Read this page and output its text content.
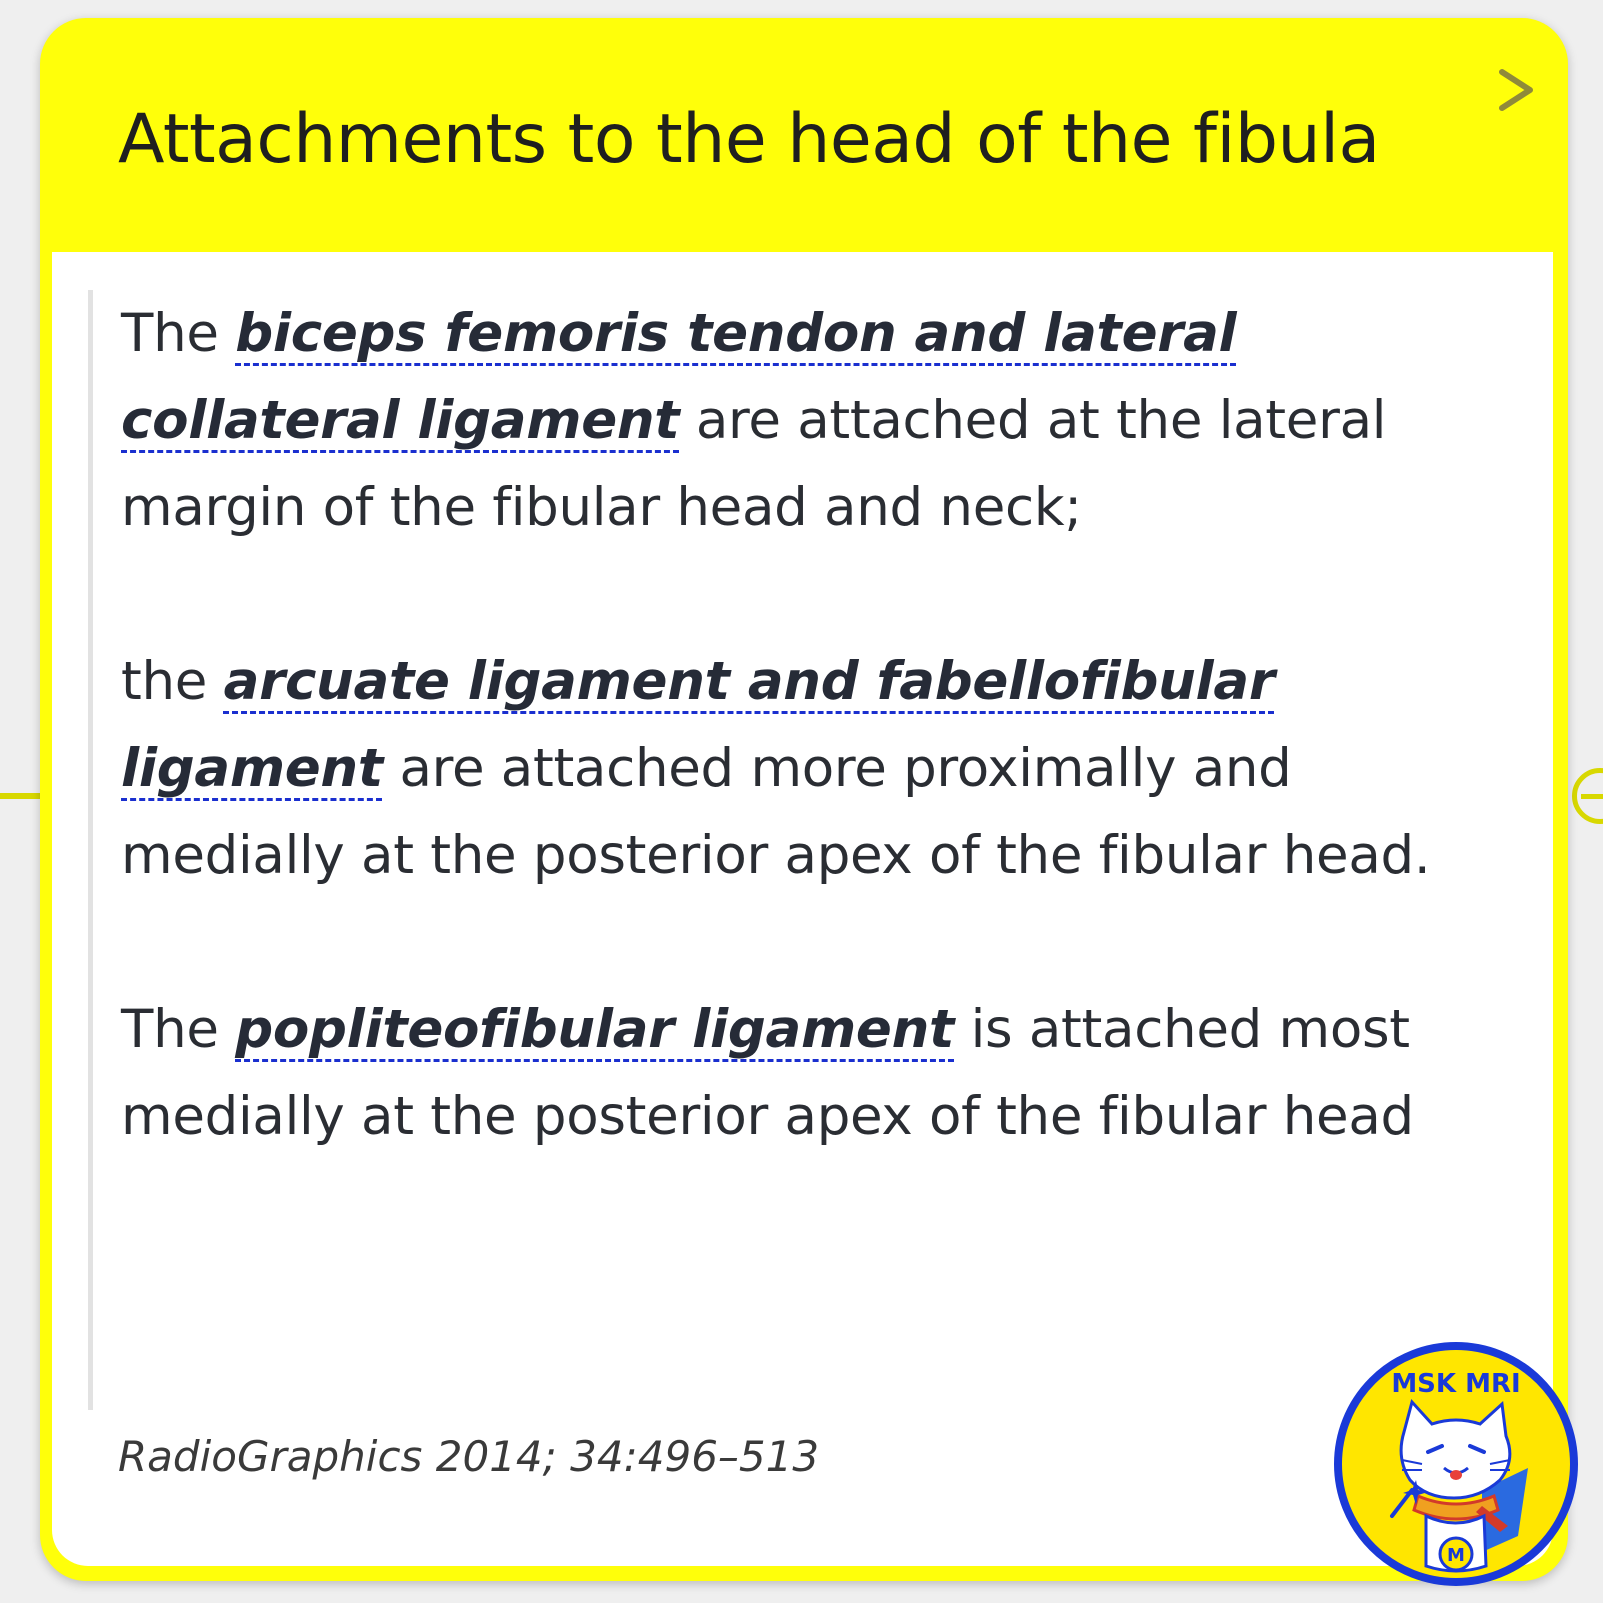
Attachments to the head of the fibula

The biceps femoris tendon and lateral collateral ligament are attached at the lateral margin of the fibular head and neck;

the arcuate ligament and fabellofibular ligament are attached more proximally and medially at the posterior apex of the fibular head.

The popliteofibular ligament is attached most medially at the posterior apex of the fibular head

RadioGraphics 2014; 34:496–513

MSK MRI
M
